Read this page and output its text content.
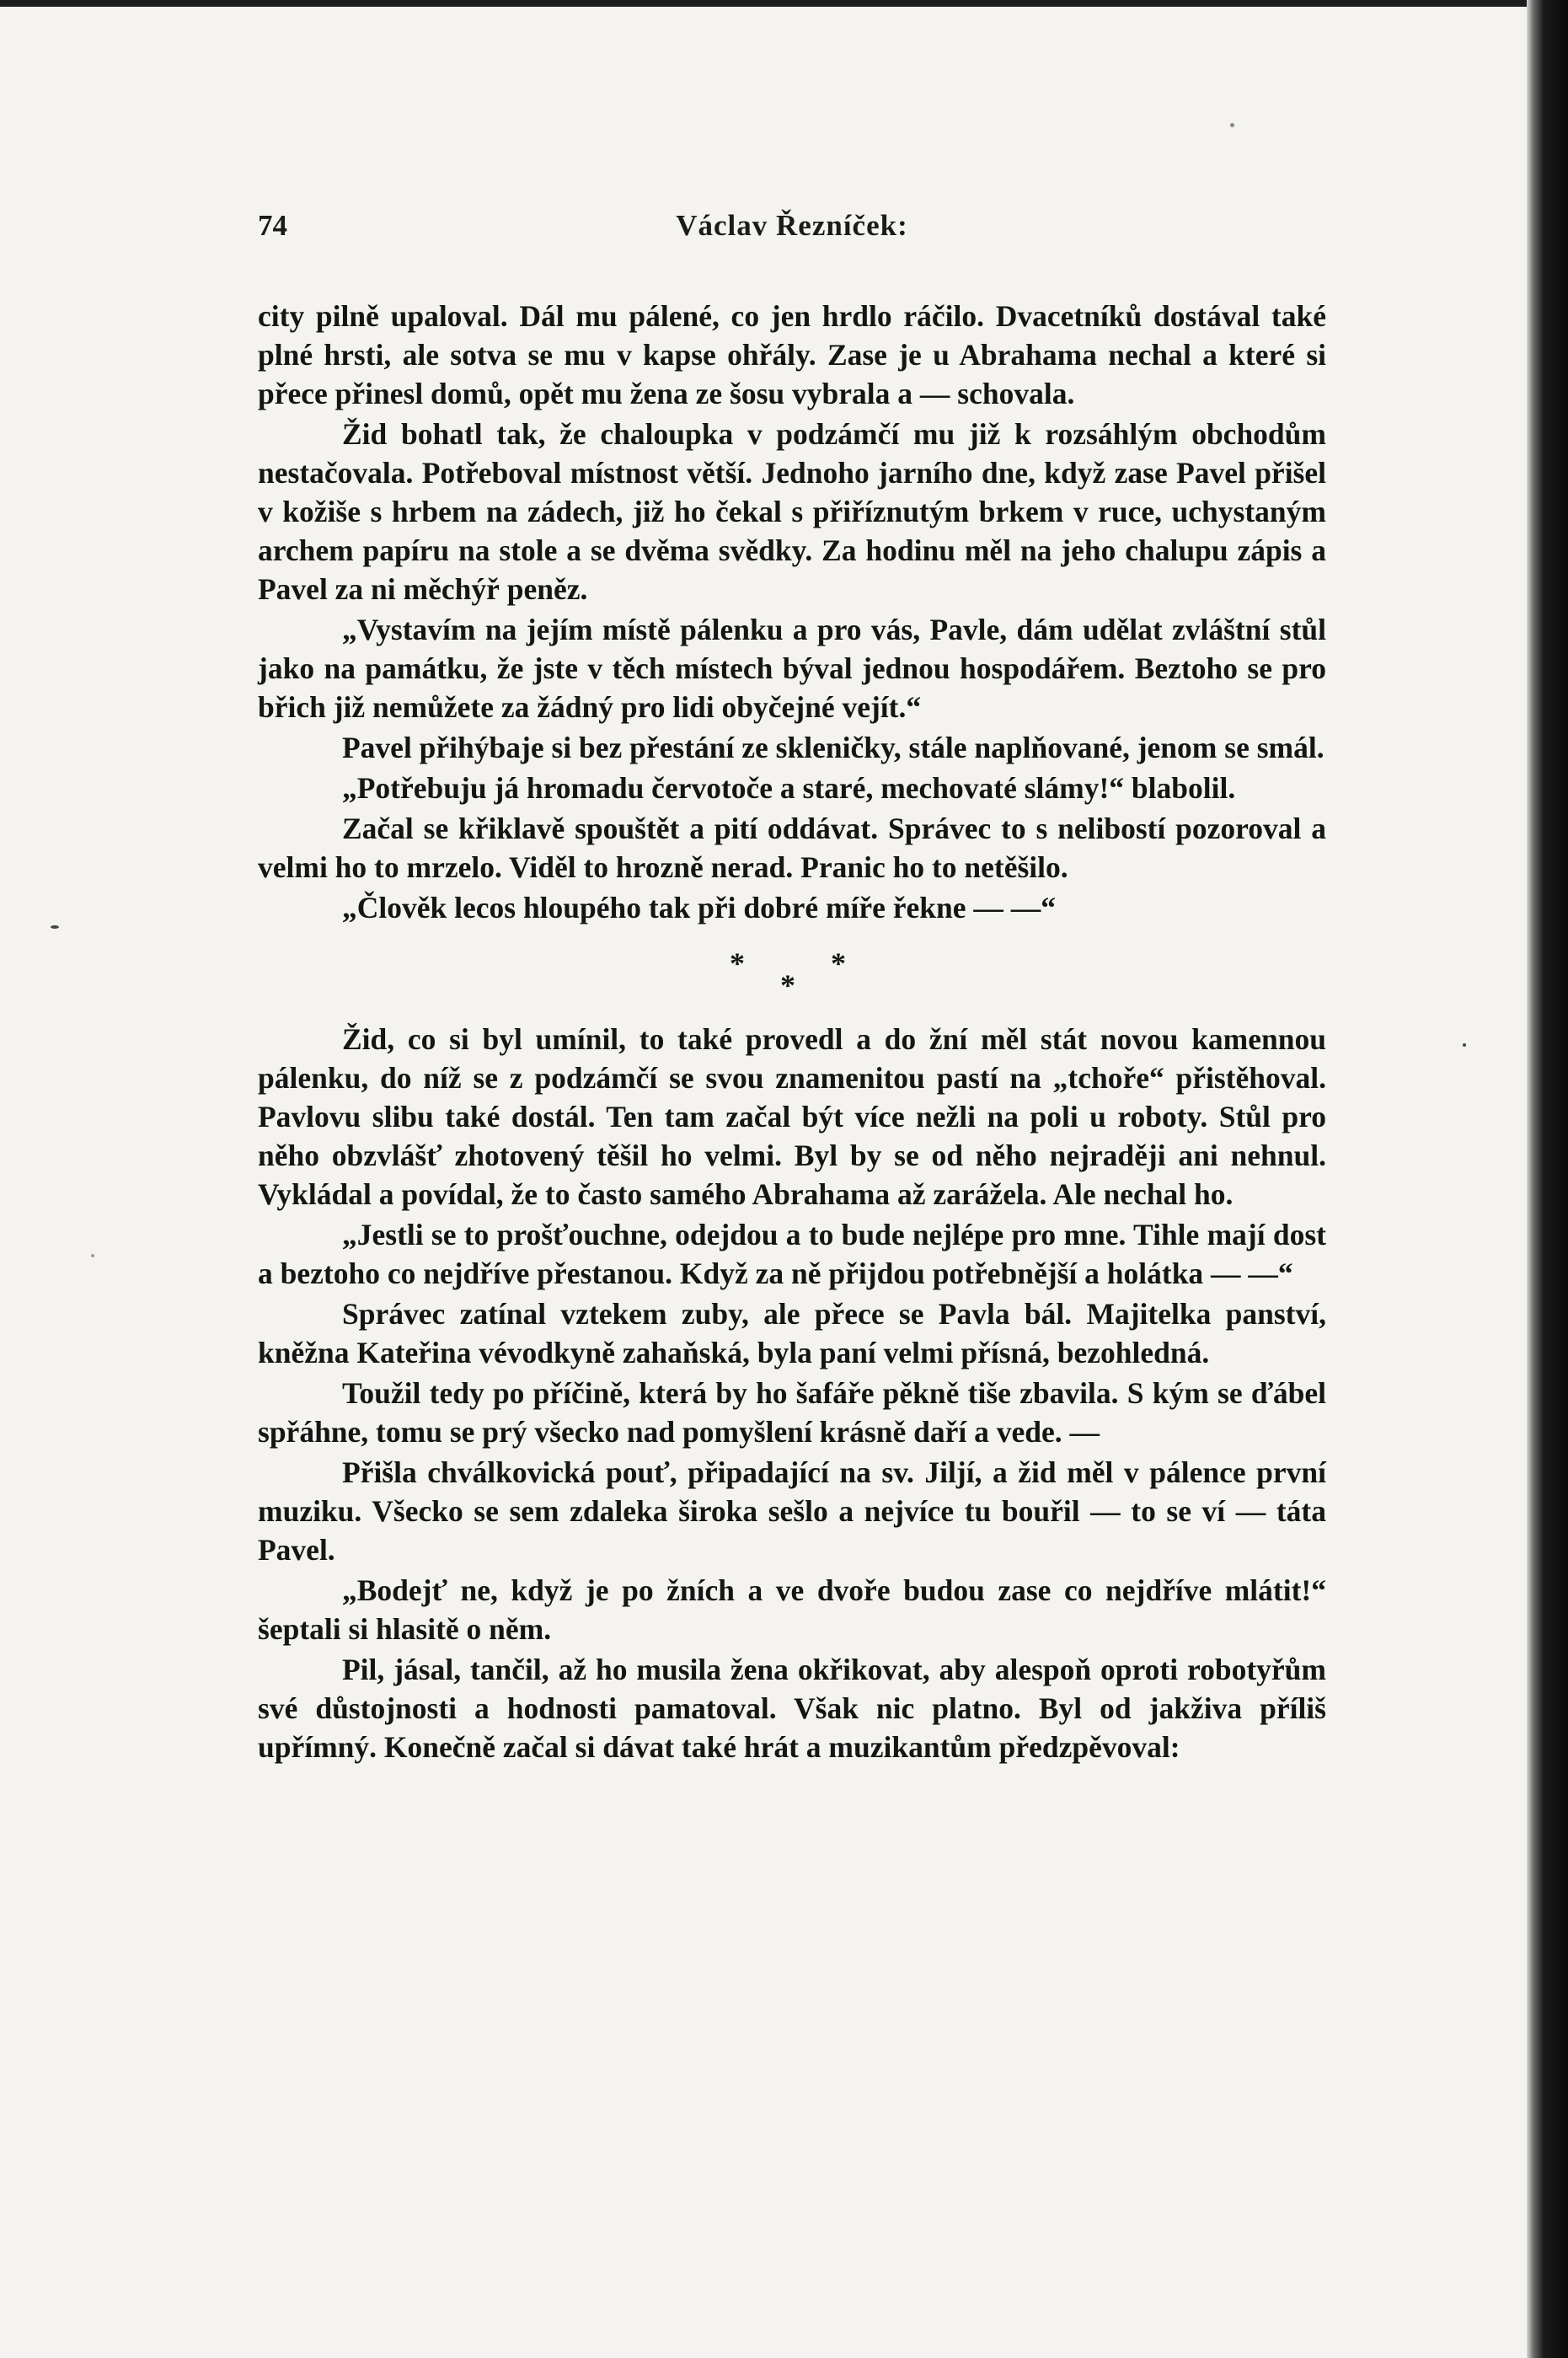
74	Václav Řezníček:

city pilně upaloval. Dál mu pálené, co jen hrdlo ráčilo. Dvacetníků dostával také plné hrsti, ale sotva se mu v kapse ohřály. Zase je u Abrahama nechal a které si přece přinesl domů, opět mu žena ze šosu vybrala a — schovala.

Žid bohatl tak, že chaloupka v podzámčí mu již k rozsáhlým obchodům nestačovala. Potřeboval místnost větší. Jednoho jarního dne, když zase Pavel přišel v kožiše s hrbem na zádech, již ho čekal s přiříznutým brkem v ruce, uchystaným archem papíru na stole a se dvěma svědky. Za hodinu měl na jeho chalupu zápis a Pavel za ni měchýř peněz.

„Vystavím na jejím místě pálenku a pro vás, Pavle, dám udělat zvláštní stůl jako na památku, že jste v těch místech býval jednou hospodářem. Beztoho se pro břich již nemůžete za žádný pro lidi obyčejné vejít.“

Pavel přihýbaje si bez přestání ze skleničky, stále naplňované, jenom se smál.

„Potřebuju já hromadu červotoče a staré, mechovaté slámy!“ blabolil.

Začal se křiklavě spouštět a pití oddávat. Správec to s nelibostí pozoroval a velmi ho to mrzelo. Viděl to hrozně nerad. Pranic ho to netěšilo.

„Člověk lecos hloupého tak při dobré míře řekne — —“

*
*
*

Žid, co si byl umínil, to také provedl a do žní měl stát novou kamennou pálenku, do níž se z podzámčí se svou znamenitou pastí na „tchoře“ přistěhoval. Pavlovu slibu také dostál. Ten tam začal být více nežli na poli u roboty. Stůl pro něho obzvlášť zhotovený těšil ho velmi. Byl by se od něho nejraději ani nehnul. Vykládal a povídal, že to často samého Abrahama až zarážela. Ale nechal ho.

„Jestli se to prošťouchne, odejdou a to bude nejlépe pro mne. Tihle mají dost a beztoho co nejdříve přestanou. Když za ně přijdou potřebnější a holátka — —“

Správec zatínal vztekem zuby, ale přece se Pavla bál. Majitelka panství, kněžna Kateřina vévodkyně zahaňská, byla paní velmi přísná, bezohledná.

Toužil tedy po příčině, která by ho šafáře pěkně tiše zbavila. S kým se ďábel spřáhne, tomu se prý všecko nad pomyšlení krásně daří a vede. —

Přišla chválkovická pouť, připadající na sv. Jiljí, a žid měl v pálence první muziku. Všecko se sem zdaleka široka sešlo a nejvíce tu bouřil — to se ví — táta Pavel.

„Bodejť ne, když je po žních a ve dvoře budou zase co nejdříve mlátit!“ šeptali si hlasitě o něm.

Pil, jásal, tančil, až ho musila žena okřikovat, aby alespoň oproti robotyřům své důstojnosti a hodnosti pamatoval. Však nic platno. Byl od jakživa příliš upřímný. Konečně začal si dávat také hrát a muzikantům předzpěvoval:
